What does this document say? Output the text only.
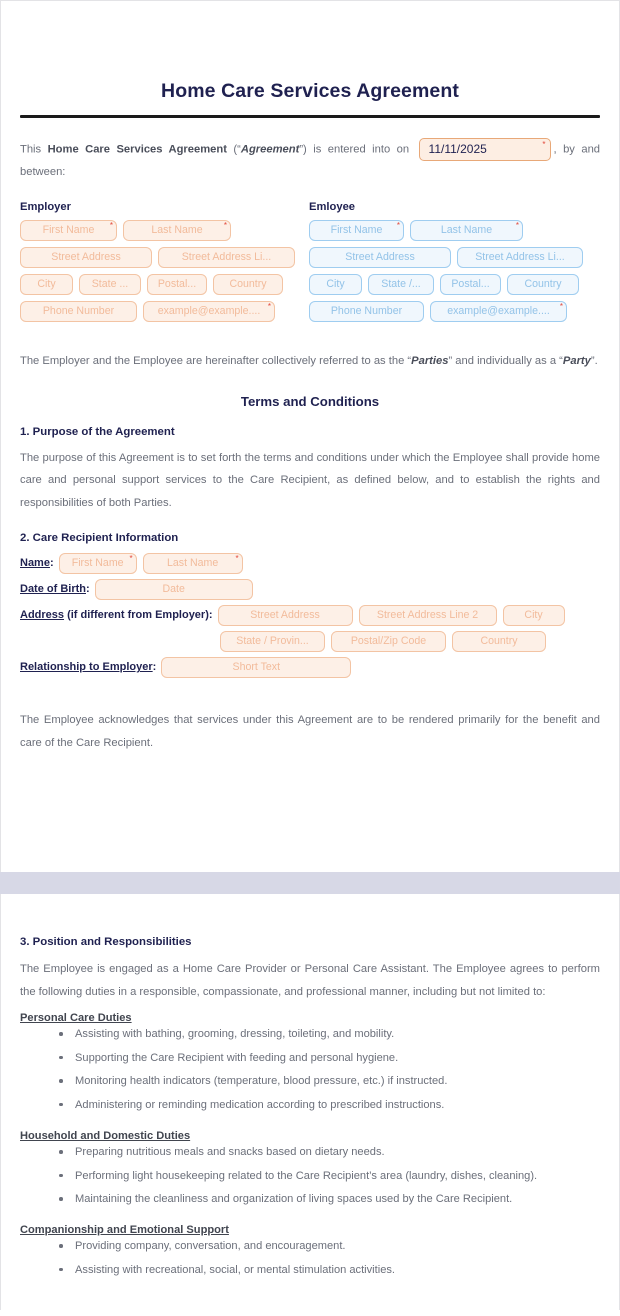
Home Care Services Agreement

This Home Care Services Agreement (“Agreement”) is entered into on 11/11/2025	* , by and between:

Employer
First Name *	Last Name	*
Street Address	Street Address Li...
City	State ...	Postal...	Country
Phone Number	example@example.... *
Emloyee
First Name *	Last Name	*
Street Address	Street Address Li...
City	State /...	Postal...	Country
Phone Number	example@example.... *

The Employer and the Employee are hereinafter collectively referred to as the “Parties” and individually as a “Party”.

Terms and Conditions
1. Purpose of the Agreement

The purpose of this Agreement is to set forth the terms and conditions under which the Employee shall provide home care and personal support services to the Care Recipient, as defined below, and to establish the rights and responsibilities of both Parties.

2. Care Recipient Information
Name:	First Name *	Last Name *
Date of Birth:	Date
Address (if different from Employer):	Street Address	Street Address Line 2	City
State / Provin...	Postal/Zip Code	Country
Relationship to Employer:	Short Text

The Employee acknowledges that services under this Agreement are to be rendered primarily for the benefit and care of the Care Recipient.

3. Position and Responsibilities

The Employee is engaged as a Home Care Provider or Personal Care Assistant. The Employee agrees to perform the following duties in a responsible, compassionate, and professional manner, including but not limited to:

Personal Care Duties
Assisting with bathing, grooming, dressing, toileting, and mobility.
Supporting the Care Recipient with feeding and personal hygiene.
Monitoring health indicators (temperature, blood pressure, etc.) if instructed.
Administering or reminding medication according to prescribed instructions.
Household and Domestic Duties
Preparing nutritious meals and snacks based on dietary needs.
Performing light housekeeping related to the Care Recipient’s area (laundry, dishes, cleaning).
Maintaining the cleanliness and organization of living spaces used by the Care Recipient.
Companionship and Emotional Support
Providing company, conversation, and encouragement.
Assisting with recreational, social, or mental stimulation activities.
